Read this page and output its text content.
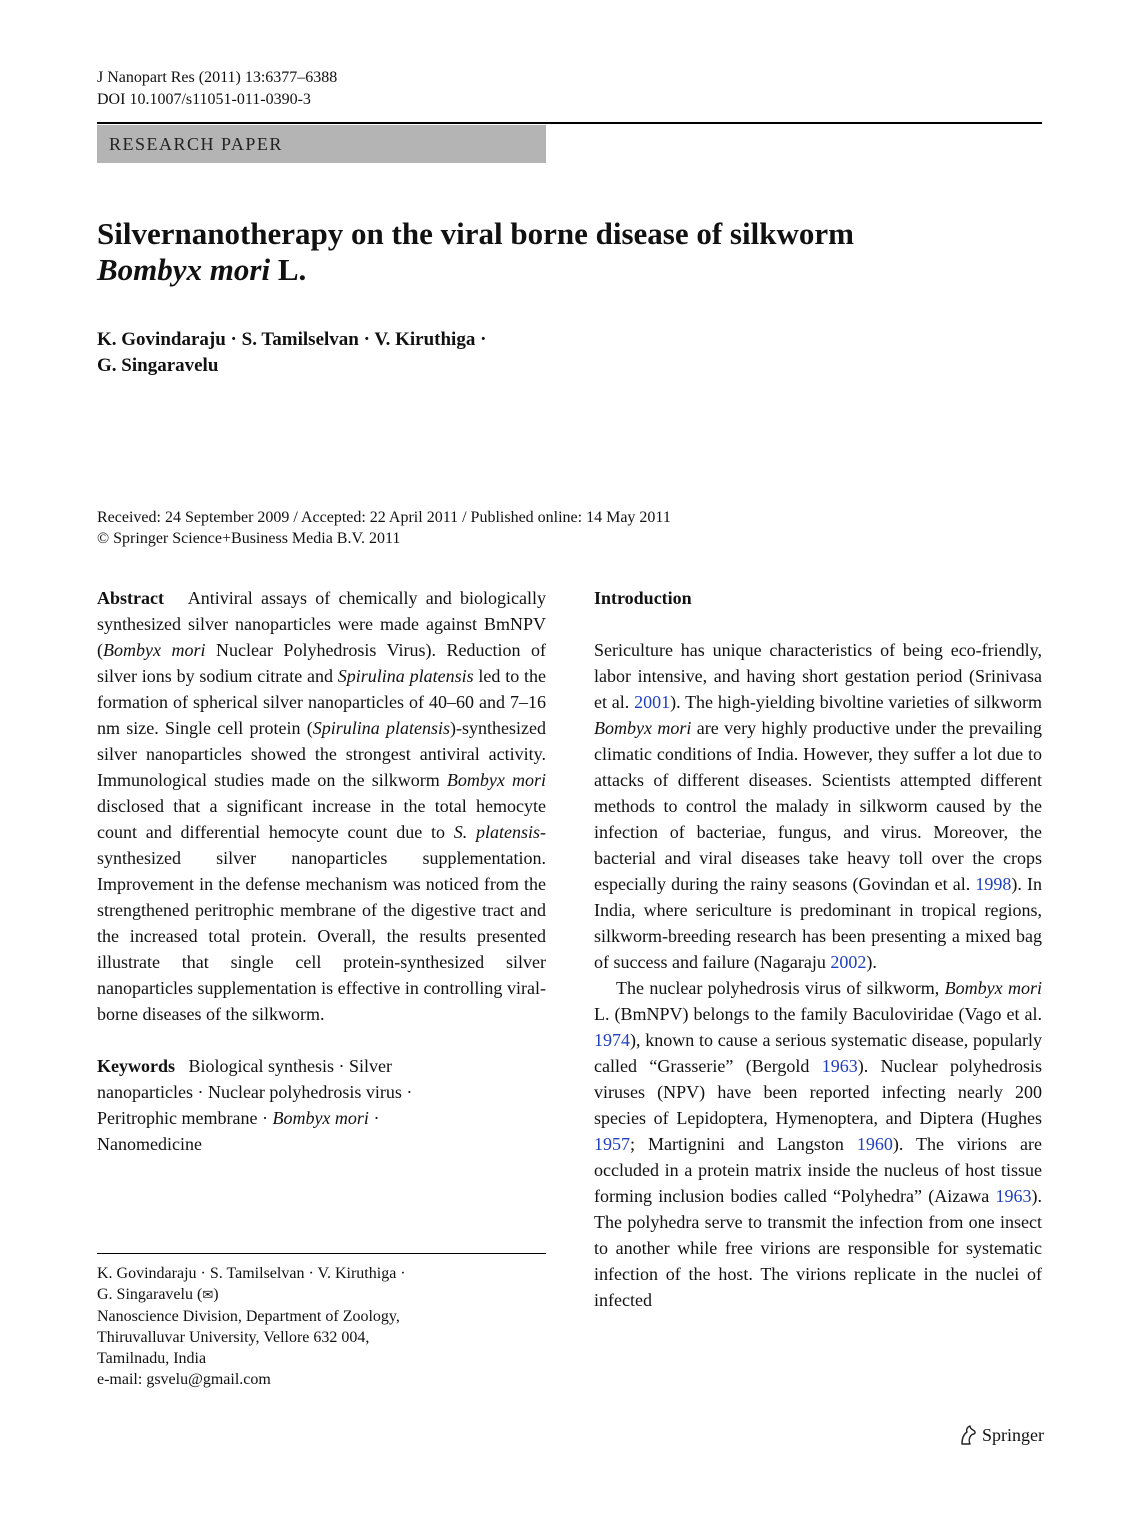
J Nanopart Res (2011) 13:6377–6388
DOI 10.1007/s11051-011-0390-3
RESEARCH PAPER
Silvernanotherapy on the viral borne disease of silkworm
Bombyx mori L.
K. Govindaraju · S. Tamilselvan · V. Kiruthiga ·
G. Singaravelu
Received: 24 September 2009 / Accepted: 22 April 2011 / Published online: 14 May 2011
© Springer Science+Business Media B.V. 2011

Abstract Antiviral assays of chemically and biologically synthesized silver nanoparticles were made against BmNPV (Bombyx mori Nuclear Polyhedrosis Virus). Reduction of silver ions by sodium citrate and Spirulina platensis led to the formation of spherical silver nanoparticles of 40–60 and 7–16 nm size. Single cell protein (Spirulina platensis)-synthesized silver nanoparticles showed the strongest antiviral activity. Immunological studies made on the silkworm Bombyx mori disclosed that a significant increase in the total hemocyte count and differential hemocyte count due to S. platensis-synthesized silver nanoparticles supplementation. Improvement in the defense mechanism was noticed from the strengthened peritrophic membrane of the digestive tract and the increased total protein. Overall, the results presented illustrate that single cell protein-synthesized silver nanoparticles supplementation is effective in controlling viral-borne diseases of the silkworm.

Keywords Biological synthesis · Silver
nanoparticles · Nuclear polyhedrosis virus ·
Peritrophic membrane · Bombyx mori ·
Nanomedicine
K. Govindaraju · S. Tamilselvan · V. Kiruthiga ·
G. Singaravelu (✉)
Nanoscience Division, Department of Zoology,
Thiruvalluvar University, Vellore 632 004,
Tamilnadu, India
e-mail: gsvelu@gmail.com
Introduction

Sericulture has unique characteristics of being eco-friendly, labor intensive, and having short gestation period (Srinivasa et al. 2001). The high-yielding bivoltine varieties of silkworm Bombyx mori are very highly productive under the prevailing climatic conditions of India. However, they suffer a lot due to attacks of different diseases. Scientists attempted different methods to control the malady in silkworm caused by the infection of bacteriae, fungus, and virus. Moreover, the bacterial and viral diseases take heavy toll over the crops especially during the rainy seasons (Govindan et al. 1998). In India, where sericulture is predominant in tropical regions, silkworm-breeding research has been presenting a mixed bag of success and failure (Nagaraju 2002).

The nuclear polyhedrosis virus of silkworm, Bombyx mori L. (BmNPV) belongs to the family Baculoviridae (Vago et al. 1974), known to cause a serious systematic disease, popularly called “Grasserie” (Bergold 1963). Nuclear polyhedrosis viruses (NPV) have been reported infecting nearly 200 species of Lepidoptera, Hymenoptera, and Diptera (Hughes 1957; Martignini and Langston 1960). The virions are occluded in a protein matrix inside the nucleus of host tissue forming inclusion bodies called “Polyhedra” (Aizawa 1963). The polyhedra serve to transmit the infection from one insect to another while free virions are responsible for systematic infection of the host. The virions replicate in the nuclei of infected

Springer
